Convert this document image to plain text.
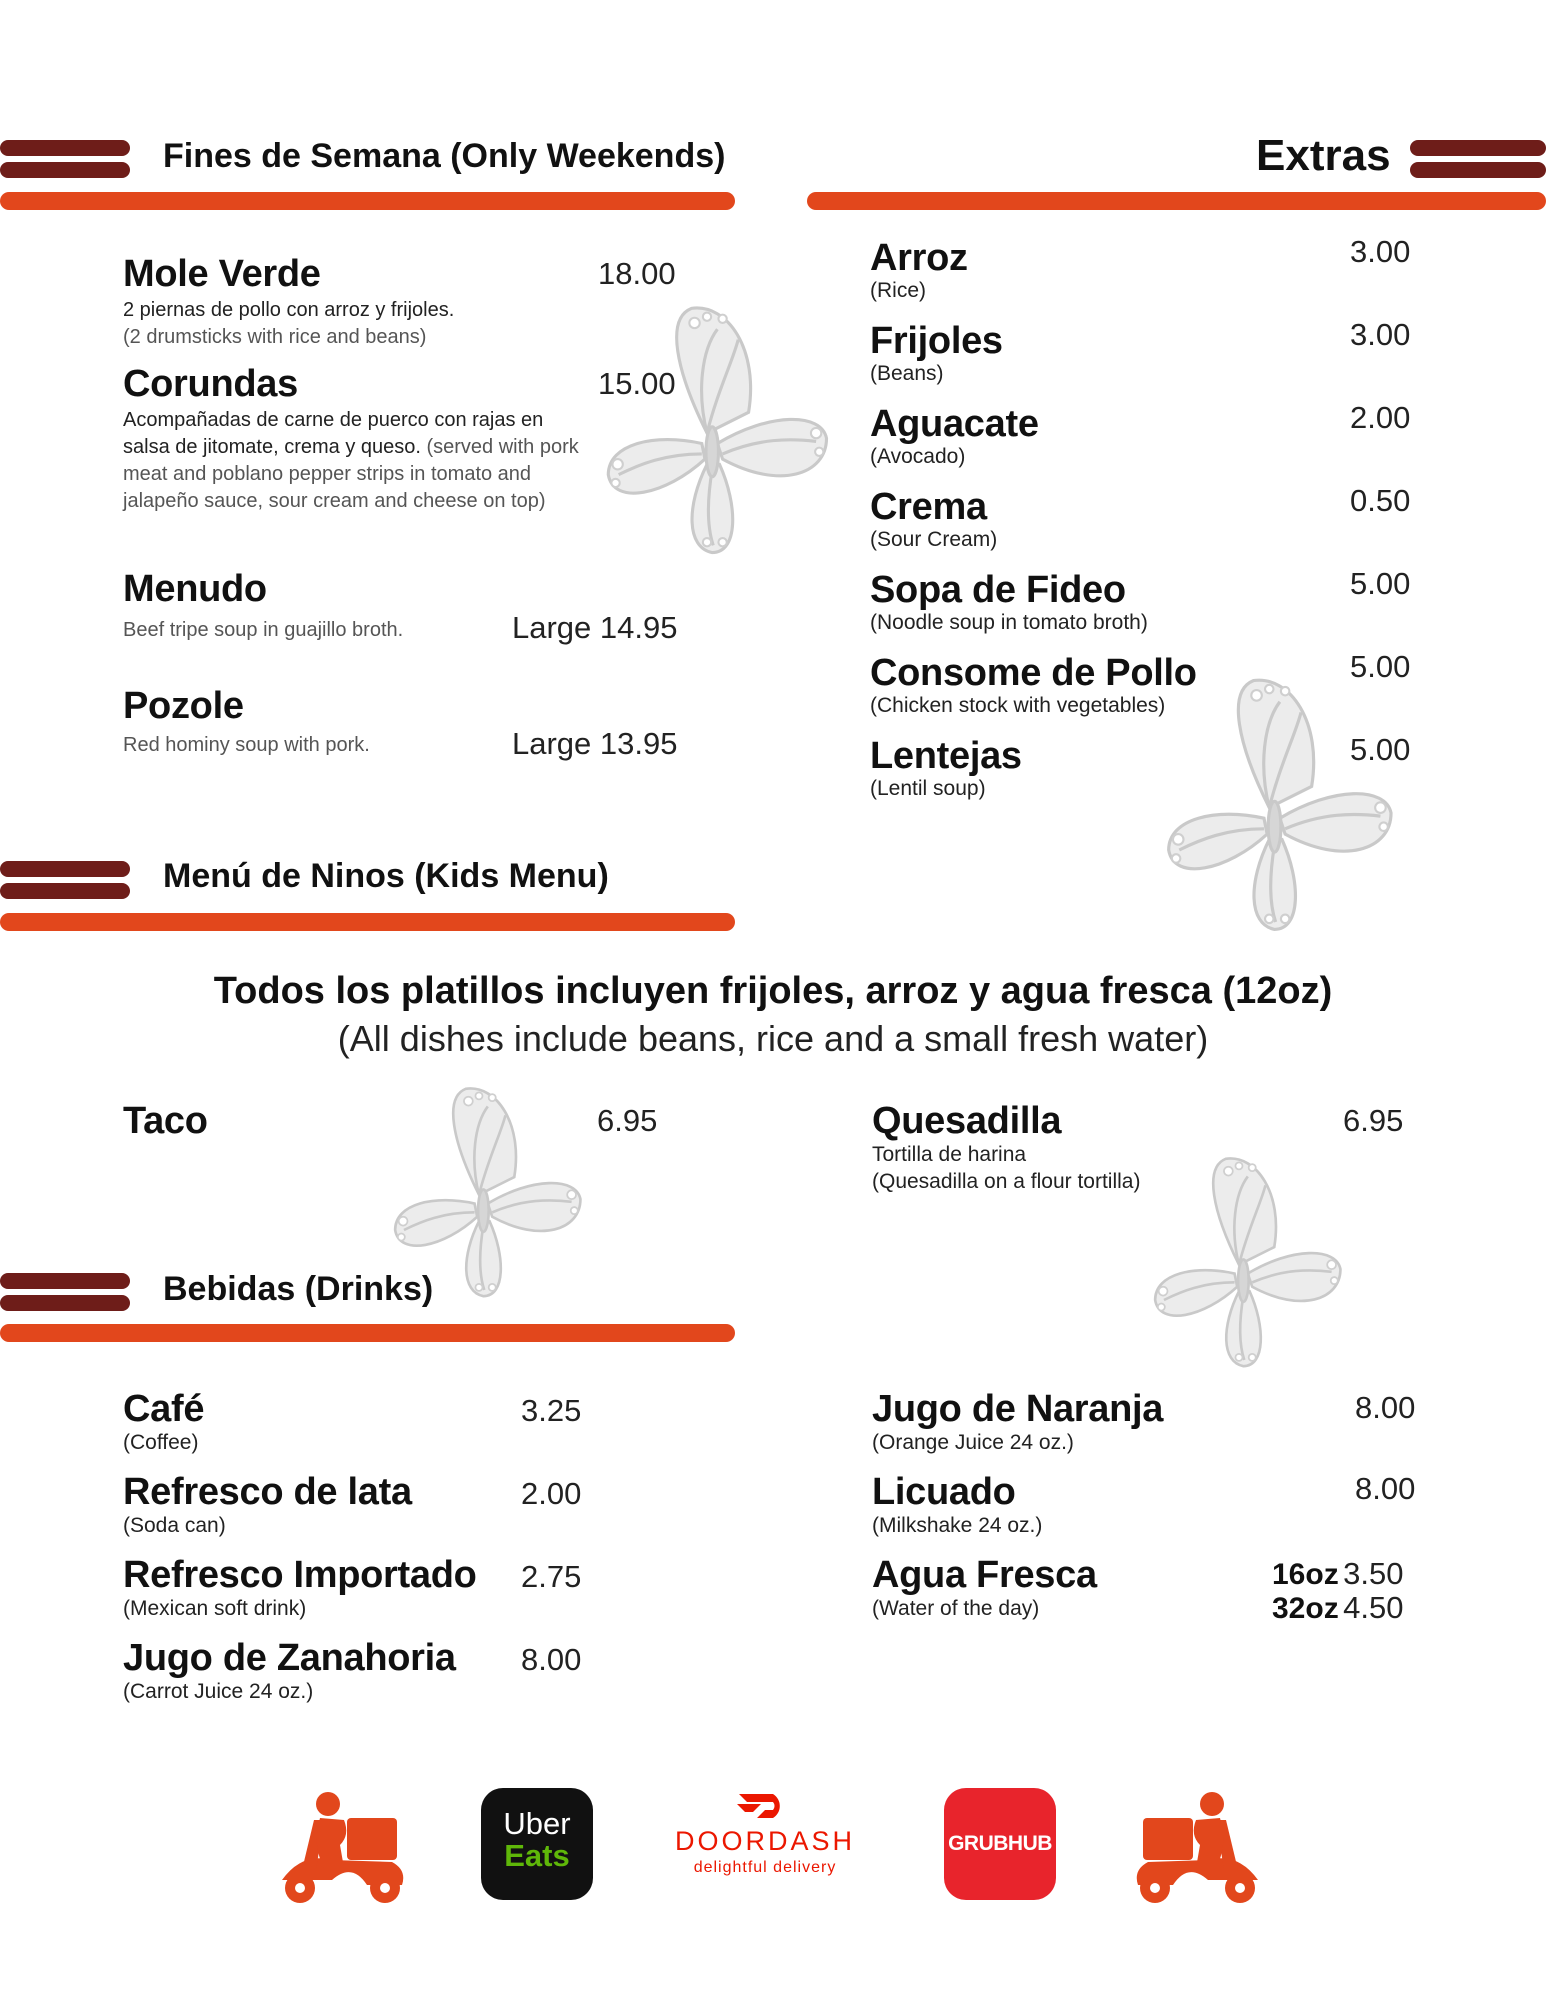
Fines de Semana (Only Weekends)
Mole Verde	18.00
2 piernas de pollo con arroz y frijoles.
(2 drumsticks with rice and beans)
Corundas	15.00
Acompañadas de carne de puerco con rajas en salsa de jitomate, crema y queso. (served with pork meat and poblano pepper strips in tomato and jalapeño sauce, sour cream and cheese on top)
Menudo
Beef tripe soup in guajillo broth.	Large 14.95
Pozole
Red hominy soup with pork.	Large 13.95
Extras
Arroz
(Rice)
3.00
Frijoles
(Beans)
3.00
Aguacate
(Avocado)
2.00
Crema
(Sour Cream)
0.50
Sopa de Fideo
(Noodle soup in tomato broth)
5.00
Consome de Pollo
(Chicken stock with vegetables)
5.00
Lentejas
(Lentil soup)
5.00
Menú de Ninos (Kids Menu)
Todos los platillos incluyen frijoles, arroz y agua fresca (12oz)
(All dishes include beans, rice and a small fresh water)
Taco	6.95	Quesadilla	6.95
Tortilla de harina
(Quesadilla on a flour tortilla)
Bebidas (Drinks)
Café
(Coffee)
3.25
Refresco de lata
(Soda can)
2.00
Refresco Importado
(Mexican soft drink)
2.75
Jugo de Zanahoria
(Carrot Juice 24 oz.)
8.00
Jugo de Naranja
(Orange Juice 24 oz.)
8.00
Licuado
(Milkshake 24 oz.)
8.00
Agua Fresca
(Water of the day)
16oz 3.50
32oz 4.50
Uber
Eats	DOORDASH
delightful delivery
GRUBHUB
